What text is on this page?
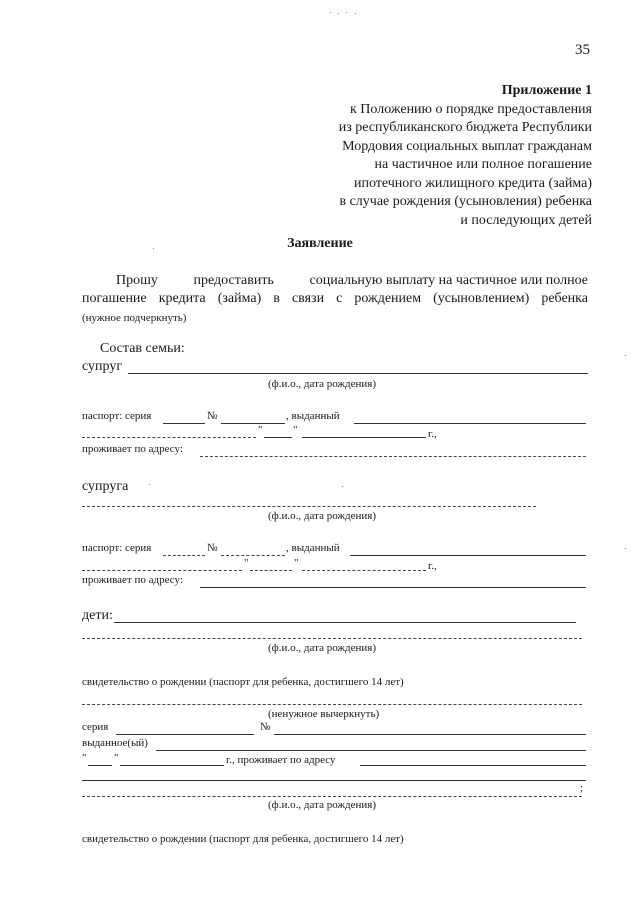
35
Приложение 1
к Положению о порядке предоставления
из республиканского бюджета Республики
Мордовия социальных выплат гражданам
на частичное или полное погашение
ипотечного жилищного кредита (займа)
в случае рождения (усыновления) ребенка
и последующих детей
Заявление
Прошу	предоставить	социальную выплату на частичное или полное
погашение кредита (займа) в связи с рождением (усыновлением) ребенка
(нужное подчеркнуть)
Состав семьи:
супруг
(ф.и.о., дата рождения)
паспорт: серия	№	, выданный
"	"	г.,
проживает по адресу:
супруга
(ф.и.о., дата рождения)
паспорт: серия	№	, выданный
"	"	г.,
проживает по адресу:
дети:
(ф.и.о., дата рождения)
свидетельство о рождении (паспорт для ребенка, достигшего 14 лет)
(ненужное вычеркнуть)
серия	№
выданное(ый)
"	"	г., проживает по адресу
;
(ф.и.о., дата рождения)
свидетельство о рождении (паспорт для ребенка, достигшего 14 лет)
